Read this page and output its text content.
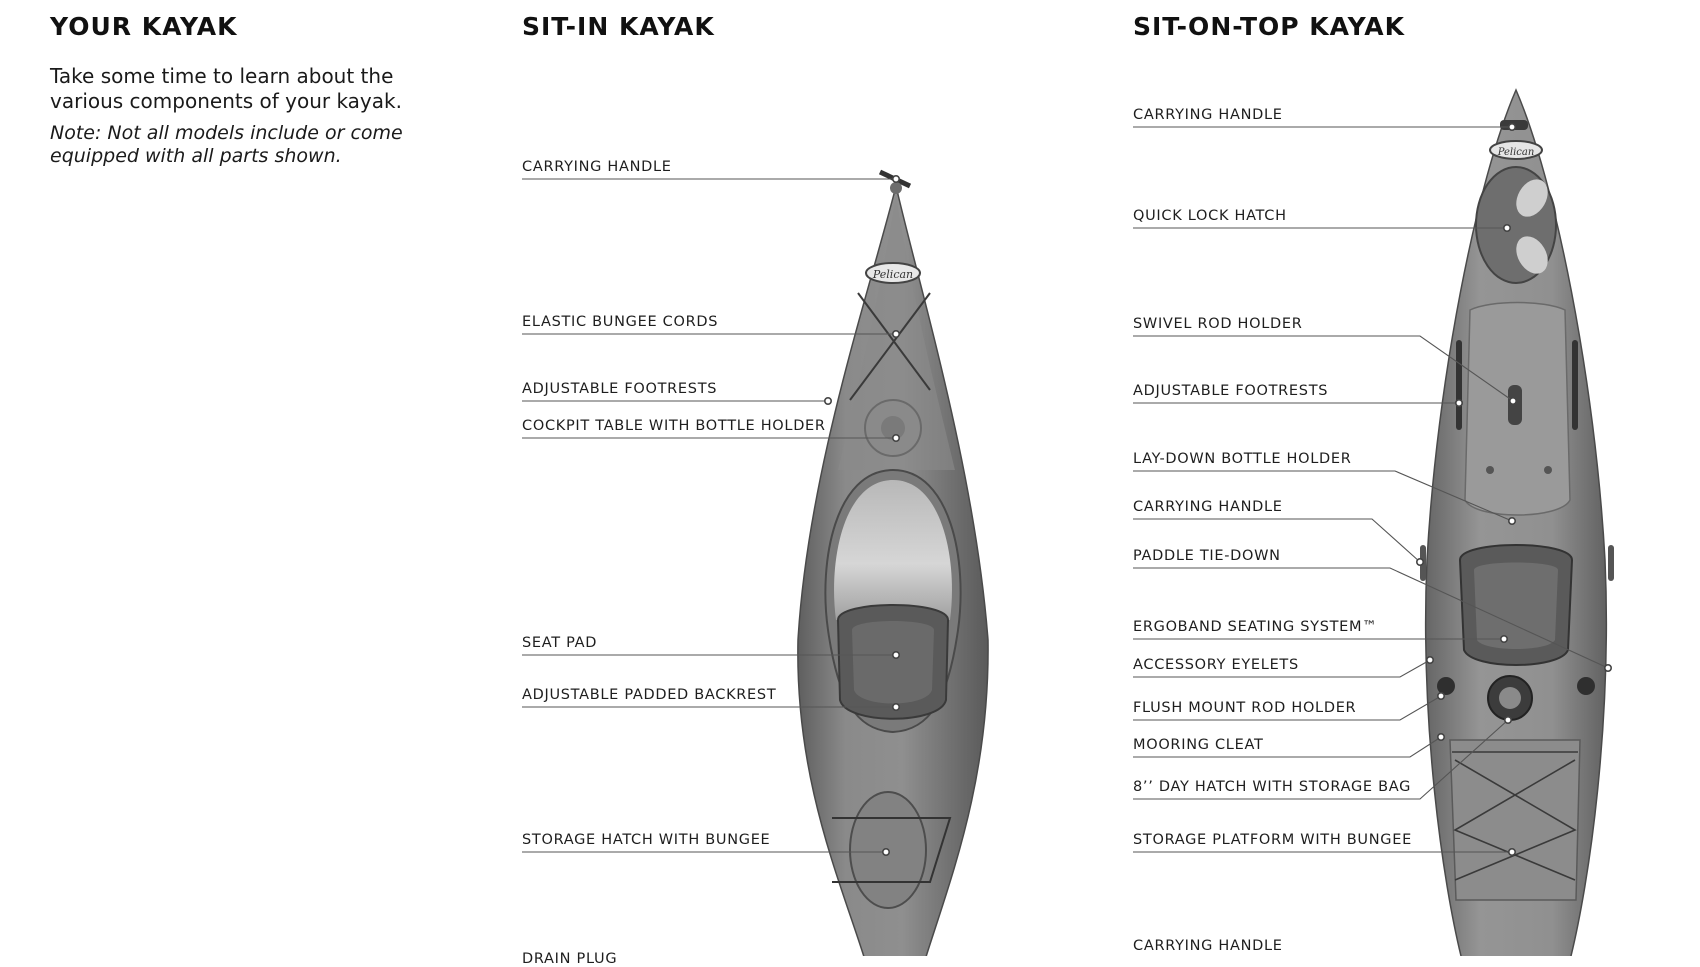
YOUR KAYAK	SIT-IN KAYAK	SIT-ON-TOP KAYAK

Take some time to learn about the various components of your kayak.

Note: Not all models include or come equipped with all parts shown.

Pelican
Pelican
CARRYING HANDLE
ELASTIC BUNGEE CORDS
ADJUSTABLE FOOTRESTS
COCKPIT TABLE WITH BOTTLE HOLDER
SEAT PAD
ADJUSTABLE PADDED BACKREST
STORAGE HATCH WITH BUNGEE
DRAIN PLUG
CARRYING HANDLE
QUICK LOCK HATCH
SWIVEL ROD HOLDER
ADJUSTABLE FOOTRESTS
LAY-DOWN BOTTLE HOLDER
CARRYING HANDLE
PADDLE TIE-DOWN
ERGOBAND SEATING SYSTEM™
ACCESSORY EYELETS
FLUSH MOUNT ROD HOLDER
MOORING CLEAT
8’’ DAY HATCH WITH STORAGE BAG
STORAGE PLATFORM WITH BUNGEE
CARRYING HANDLE
